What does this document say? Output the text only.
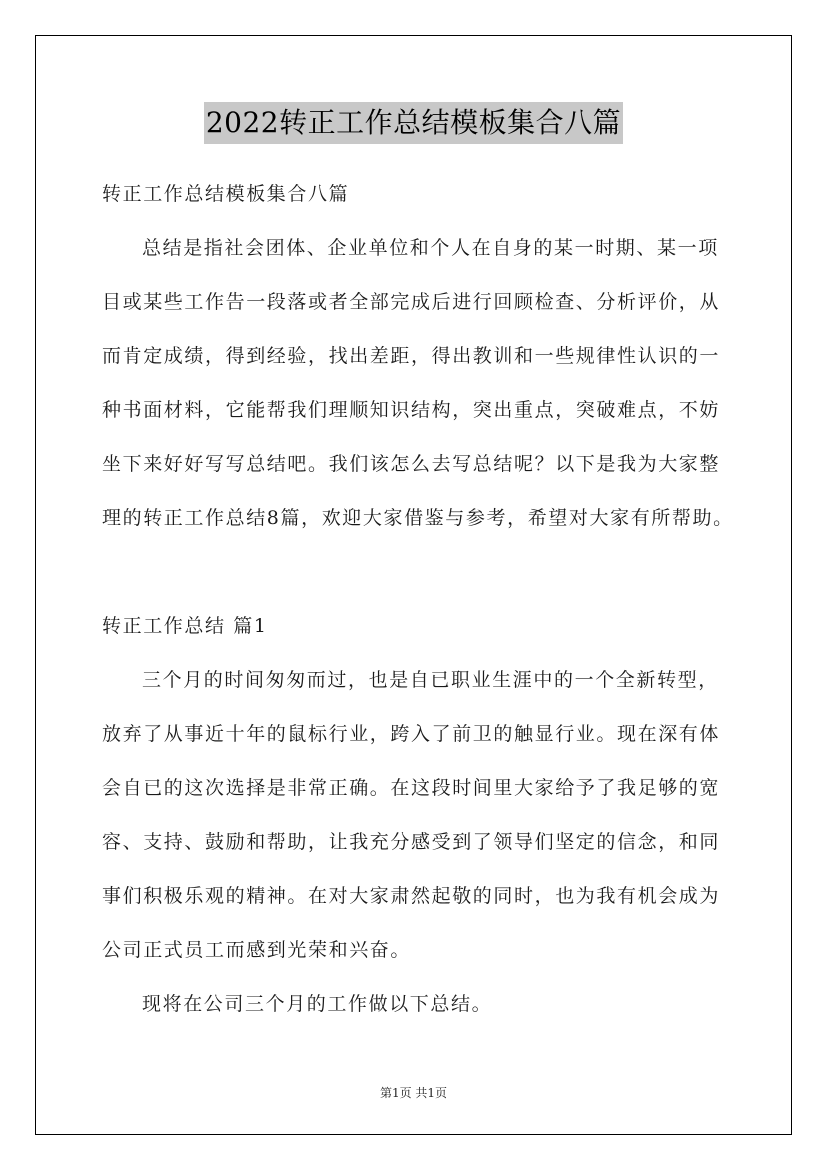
2022转正工作总结模板集合八篇
转正工作总结模板集合八篇
总结是指社会团体、企业单位和个人在自身的某一时期、某一项
目或某些工作告一段落或者全部完成后进行回顾检查、分析评价，从
而肯定成绩，得到经验，找出差距，得出教训和一些规律性认识的一
种书面材料，它能帮我们理顺知识结构，突出重点，突破难点，不妨
坐下来好好写写总结吧。我们该怎么去写总结呢？以下是我为大家整
理的转正工作总结8篇，欢迎大家借鉴与参考，希望对大家有所帮助。
转正工作总结 篇1
三个月的时间匆匆而过，也是自已职业生涯中的一个全新转型，
放弃了从事近十年的鼠标行业，跨入了前卫的触显行业。现在深有体
会自已的这次选择是非常正确。在这段时间里大家给予了我足够的宽
容、支持、鼓励和帮助，让我充分感受到了领导们坚定的信念，和同
事们积极乐观的精神。在对大家肃然起敬的同时，也为我有机会成为
公司正式员工而感到光荣和兴奋。
现将在公司三个月的工作做以下总结。
第1页 共1页
